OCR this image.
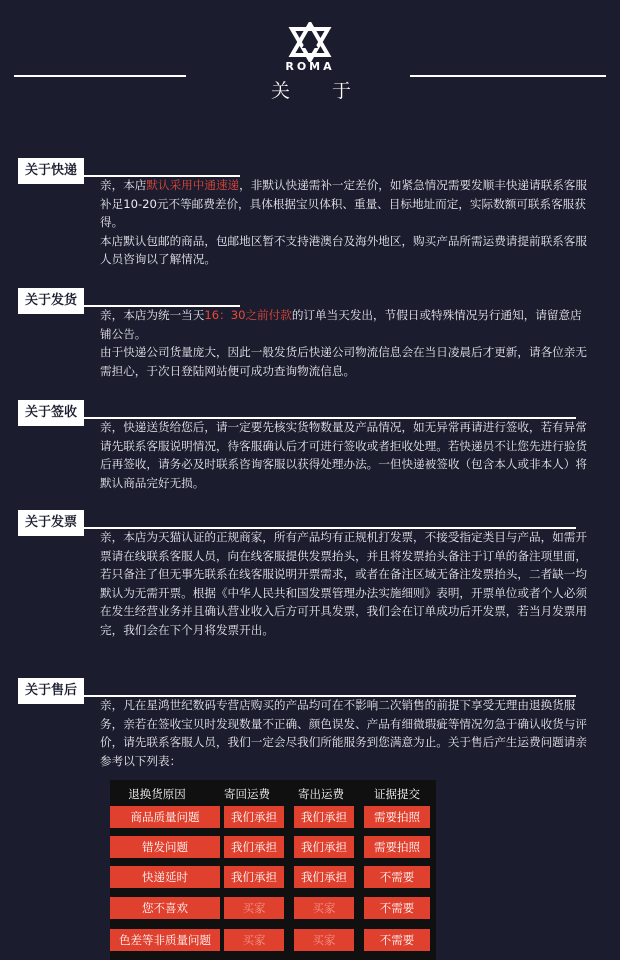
ROMA
关 于
关于快递

亲，本店默认采用中通速递，非默认快递需补一定差价，如紧急情况需要发顺丰快递请联系客服补足10-20元不等邮费差价，具体根据宝贝体积、重量、目标地址而定，实际数额可联系客服获得。

本店默认包邮的商品，包邮地区暂不支持港澳台及海外地区，购买产品所需运费请提前联系客服人员咨询以了解情况。

关于发货

亲，本店为统一当天16：30之前付款的订单当天发出，节假日或特殊情况另行通知，请留意店铺公告。

由于快递公司货量庞大，因此一般发货后快递公司物流信息会在当日凌晨后才更新，请各位亲无需担心，于次日登陆网站便可成功查询物流信息。

关于签收

亲，快递送货给您后，请一定要先核实货物数量及产品情况，如无异常再请进行签收，若有异常请先联系客服说明情况，待客服确认后才可进行签收或者拒收处理。若快递员不让您先进行验货后再签收，请务必及时联系咨询客服以获得处理办法。一但快递被签收（包含本人或非本人）将默认商品完好无损。

关于发票

亲，本店为天猫认证的正规商家，所有产品均有正规机打发票，不接受指定类目与产品，如需开票请在线联系客服人员，向在线客服提供发票抬头，并且将发票抬头备注于订单的备注项里面，若只备注了但无事先联系在线客服说明开票需求，或者在备注区域无备注发票抬头，二者缺一均默认为无需开票。根据《中华人民共和国发票管理办法实施细则》表明，开票单位或者个人必须在发生经营业务并且确认营业收入后方可开具发票，我们会在订单成功后开发票，若当月发票用完，我们会在下个月将发票开出。

关于售后

亲，凡在星鸿世纪数码专营店购买的产品均可在不影响二次销售的前提下享受无理由退换货服务，亲若在签收宝贝时发现数量不正确、颜色误发、产品有细微瑕疵等情况勿急于确认收货与评价，请先联系客服人员，我们一定会尽我们所能服务到您满意为止。关于售后产生运费问题请亲参考以下列表：

退换货原因	寄回运费	寄出运费	证据提交
商品质量问题	我们承担	我们承担	需要拍照
错发问题	我们承担	我们承担	需要拍照
快递延时	我们承担	我们承担	不需要
您不喜欢	买家	买家	不需要
色差等非质量问题	买家	买家	不需要
